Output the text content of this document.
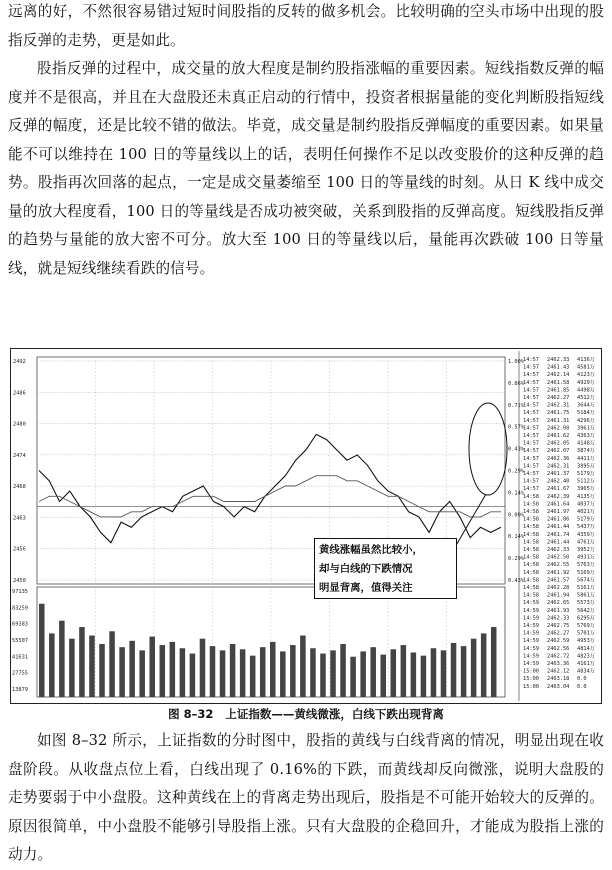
远离的好，不然很容易错过短时间股指的反转的做多机会。比较明确的空头市场中出现的股指反弹的走势，更是如此。

股指反弹的过程中，成交量的放大程度是制约股指涨幅的重要因素。短线指数反弹的幅度并不是很高，并且在大盘股还未真正启动的行情中，投资者根据量能的变化判断股指短线反弹的幅度，还是比较不错的做法。毕竟，成交量是制约股指反弹幅度的重要因素。如果量能不可以维持在 100 日的等量线以上的话，表明任何操作不足以改变股价的这种反弹的趋势。股指再次回落的起点，一定是成交量萎缩至 100 日的等量线的时刻。从日 K 线中成交量的放大程度看，100 日的等量线是否成功被突破，关系到股指的反弹高度。短线股指反弹的趋势与量能的放大密不可分。放大至 100 日的等量线以后，量能再次跌破 100 日等量线，就是短线继续看跌的信号。

2492
2486
2480
2474
2468
2463
2456
2450
1.00%
0.86%
0.71%
0.57%
0.43%
0.29%
0.14%
0.00%
0.14%
0.29%
0.43%
97135
83259
69383
55507
41631
27755
13879
14:57 2462.33 4136万
14:57 2461.43 4581万
14:57 2462.14 4123万
14:57 2461.58 4929万
14:57 2461.85 4498万
14:57 2462.27 4512万
14:57 2462.31 3644万
14:57 2461.75 5184万
14:57 2461.31 4296万
14:57 2462.08 3961万
14:57 2461.62 4363万
14:57 2462.05 4148万
14:57 2462.07 3874万
14:57 2462.36 4411万
14:57 2462.31 3895万
14:57 2461.37 5179万
14:57 2462.40 5112万
14:57 2461.67 3965万
14:58 2462.39 4135万
14:58 2461.64 4037万
14:58 2461.97 4021万
14:58 2461.86 5179万
14:58 2461.44 5437万
14:58 2461.74 4359万
14:58 2461.44 4761万
14:58 2462.33 3952万
14:58 2462.50 4931万
14:58 2462.55 5763万
14:58 2461.92 5169万
14:58 2461.57 5674万
14:58 2462.28 5161万
14:58 2461.94 5861万
14:59 2462.65 5573万
14:59 2461.93 5642万
14:59 2462.33 6295万
14:59 2462.75 5769万
14:59 2462.27 5701万
14:59 2462.59 4953万
14:59 2462.56 4814万
14:59 2462.72 4823万
14:59 2463.36 4161万
15:00 2462.12 4834万
15:00 2463.18 0.0
15:00 2463.04 0.0
黄线涨幅虽然比较小，
却与白线的下跌情况
明显背离，值得关注
图 8–32 上证指数——黄线微涨，白线下跌出现背离

如图 8–32 所示，上证指数的分时图中，股指的黄线与白线背离的情况，明显出现在收盘阶段。从收盘点位上看，白线出现了 0.16%的下跌，而黄线却反向微涨，说明大盘股的走势要弱于中小盘股。这种黄线在上的背离走势出现后，股指是不可能开始较大的反弹的。原因很简单，中小盘股不能够引导股指上涨。只有大盘股的企稳回升，才能成为股指上涨的动力。
